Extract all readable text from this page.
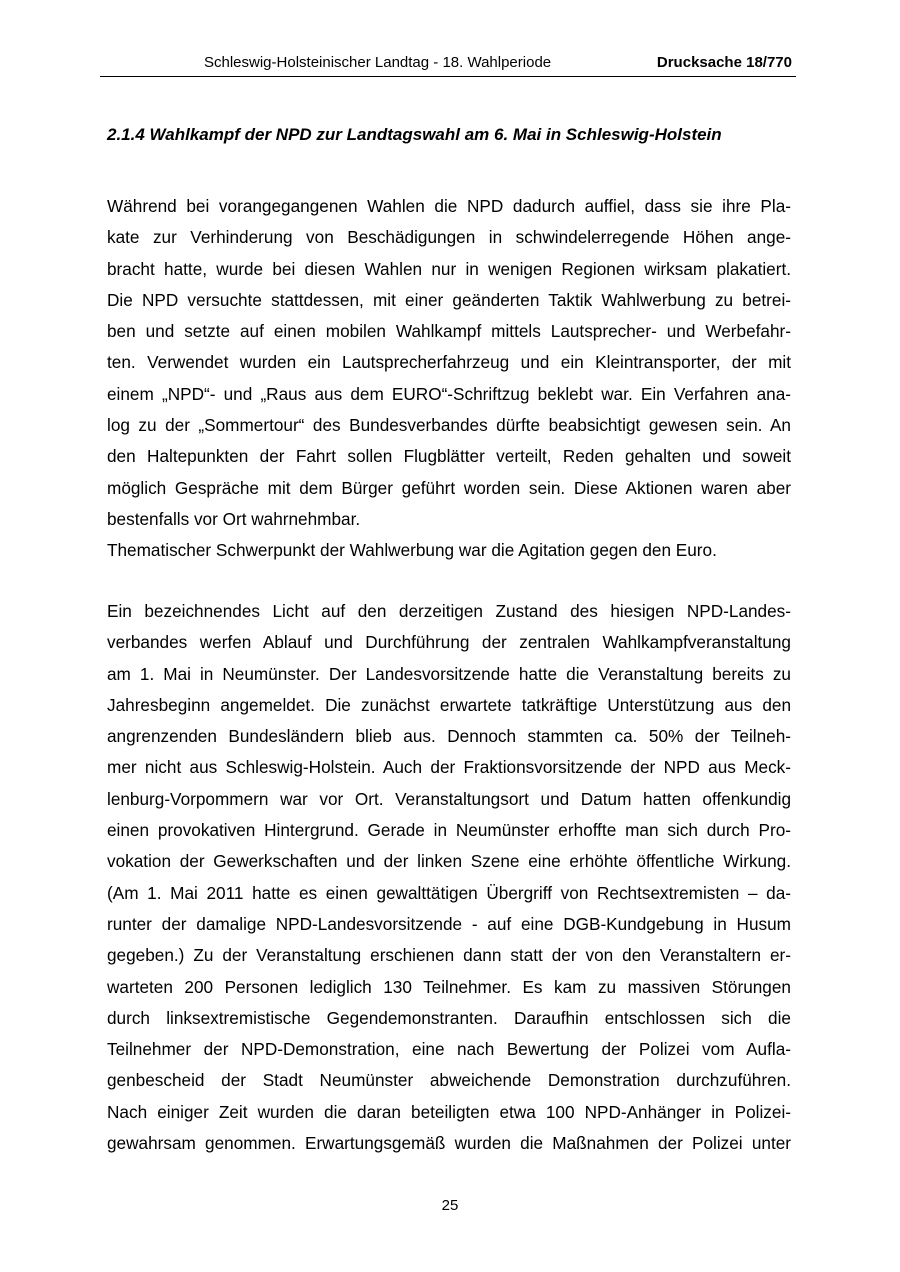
Schleswig-Holsteinischer Landtag - 18. Wahlperiode	Drucksache 18/770
2.1.4 Wahlkampf der NPD zur Landtagswahl am 6. Mai in Schleswig-Holstein
Während bei vorangegangenen Wahlen die NPD dadurch auffiel, dass sie ihre Pla-
kate zur Verhinderung von Beschädigungen in schwindelerregende Höhen ange-
bracht hatte, wurde bei diesen Wahlen nur in wenigen Regionen wirksam plakatiert.
Die NPD versuchte stattdessen, mit einer geänderten Taktik Wahlwerbung zu betrei-
ben und setzte auf einen mobilen Wahlkampf mittels Lautsprecher- und Werbefahr-
ten. Verwendet wurden ein Lautsprecherfahrzeug und ein Kleintransporter, der mit
einem „NPD“- und „Raus aus dem EURO“-Schriftzug beklebt war. Ein Verfahren ana-
log zu der „Sommertour“ des Bundesverbandes dürfte beabsichtigt gewesen sein. An
den Haltepunkten der Fahrt sollen Flugblätter verteilt, Reden gehalten und soweit
möglich Gespräche mit dem Bürger geführt worden sein. Diese Aktionen waren aber
bestenfalls vor Ort wahrnehmbar.
Thematischer Schwerpunkt der Wahlwerbung war die Agitation gegen den Euro.
Ein bezeichnendes Licht auf den derzeitigen Zustand des hiesigen NPD-Landes-
verbandes werfen Ablauf und Durchführung der zentralen Wahlkampfveranstaltung
am 1. Mai in Neumünster. Der Landesvorsitzende hatte die Veranstaltung bereits zu
Jahresbeginn angemeldet. Die zunächst erwartete tatkräftige Unterstützung aus den
angrenzenden Bundesländern blieb aus. Dennoch stammten ca. 50% der Teilneh-
mer nicht aus Schleswig-Holstein. Auch der Fraktionsvorsitzende der NPD aus Meck-
lenburg-Vorpommern war vor Ort. Veranstaltungsort und Datum hatten offenkundig
einen provokativen Hintergrund. Gerade in Neumünster erhoffte man sich durch Pro-
vokation der Gewerkschaften und der linken Szene eine erhöhte öffentliche Wirkung.
(Am 1. Mai 2011 hatte es einen gewalttätigen Übergriff von Rechtsextremisten – da-
runter der damalige NPD-Landesvorsitzende - auf eine DGB-Kundgebung in Husum
gegeben.) Zu der Veranstaltung erschienen dann statt der von den Veranstaltern er-
warteten 200 Personen lediglich 130 Teilnehmer. Es kam zu massiven Störungen
durch linksextremistische Gegendemonstranten. Daraufhin entschlossen sich die
Teilnehmer der NPD-Demonstration, eine nach Bewertung der Polizei vom Aufla-
genbescheid der Stadt Neumünster abweichende Demonstration durchzuführen.
Nach einiger Zeit wurden die daran beteiligten etwa 100 NPD-Anhänger in Polizei-
gewahrsam genommen. Erwartungsgemäß wurden die Maßnahmen der Polizei unter
25
